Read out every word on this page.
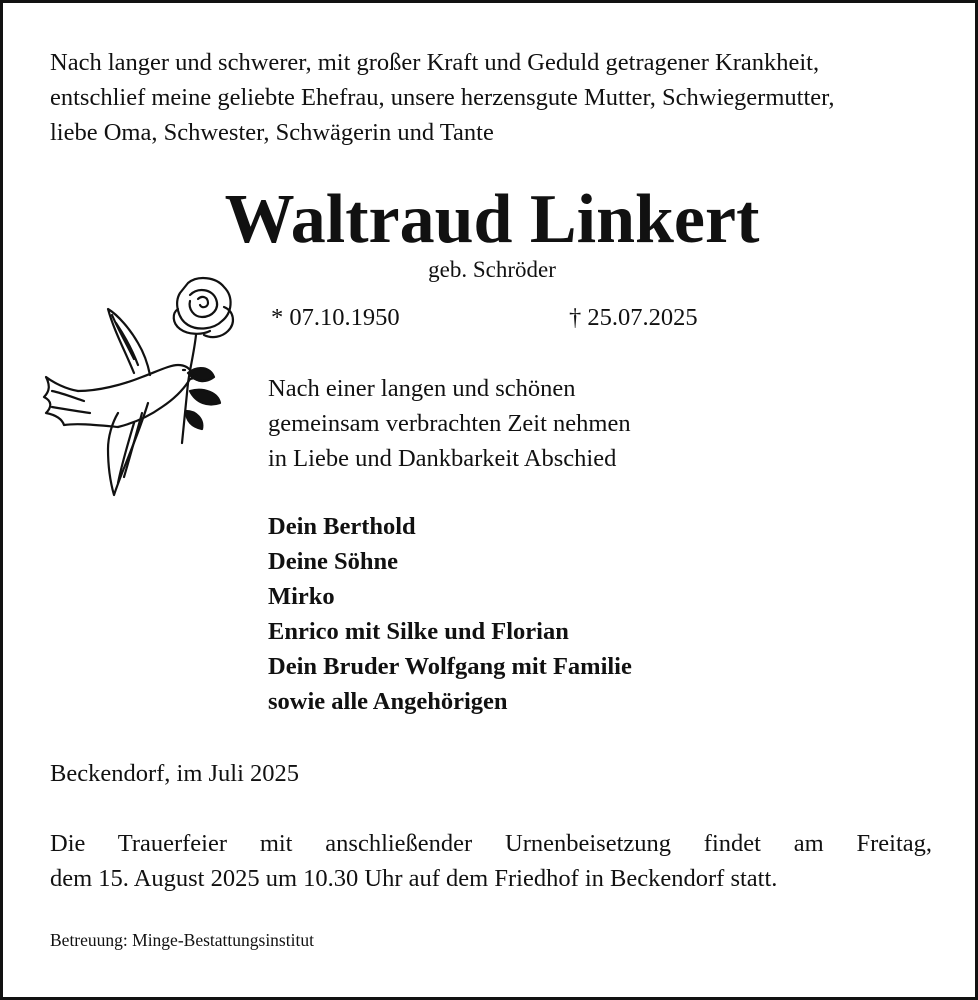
Nach langer und schwerer, mit großer Kraft und Geduld getragener Krankheit,
entschlief meine geliebte Ehefrau, unsere herzensgute Mutter, Schwiegermutter,
liebe Oma, Schwester, Schwägerin und Tante

Waltraud Linkert
geb. Schröder
* 07.10.1950	† 25.07.2025
Nach einer langen und schönen
gemeinsam verbrachten Zeit nehmen
in Liebe und Dankbarkeit Abschied
Dein Berthold
Deine Söhne
Mirko
Enrico mit Silke und Florian
Dein Bruder Wolfgang mit Familie
sowie alle Angehörigen
Beckendorf, im Juli 2025
Die Trauerfeier mit anschließender Urnenbeisetzung findet am Freitag,
dem 15. August 2025 um 10.30 Uhr auf dem Friedhof in Beckendorf statt.
Betreuung: Minge-Bestattungsinstitut
